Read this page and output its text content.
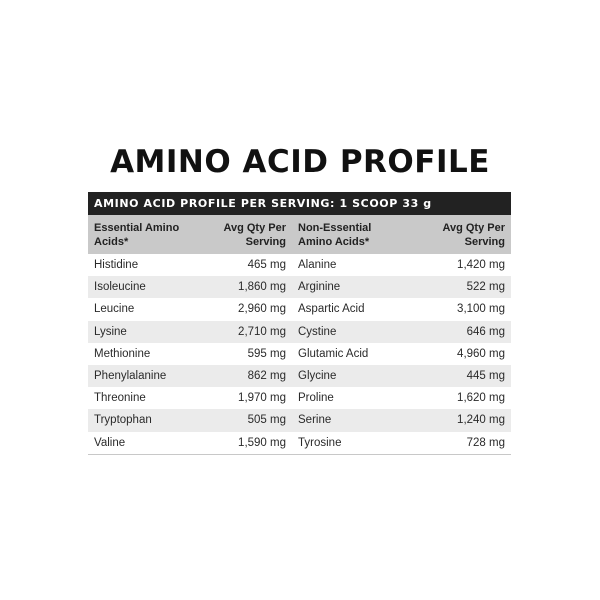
AMINO ACID PROFILE
AMINO ACID PROFILE PER SERVING: 1 SCOOP 33 g
Essential Amino Acids*	Avg Qty Per Serving	Non-Essential Amino Acids*	Avg Qty Per Serving
Histidine	465 mg	Alanine	1,420 mg
Isoleucine	1,860 mg	Arginine	522 mg
Leucine	2,960 mg	Aspartic Acid	3,100 mg
Lysine	2,710 mg	Cystine	646 mg
Methionine	595 mg	Glutamic Acid	4,960 mg
Phenylalanine	862 mg	Glycine	445 mg
Threonine	1,970 mg	Proline	1,620 mg
Tryptophan	505 mg	Serine	1,240 mg
Valine	1,590 mg	Tyrosine	728 mg
